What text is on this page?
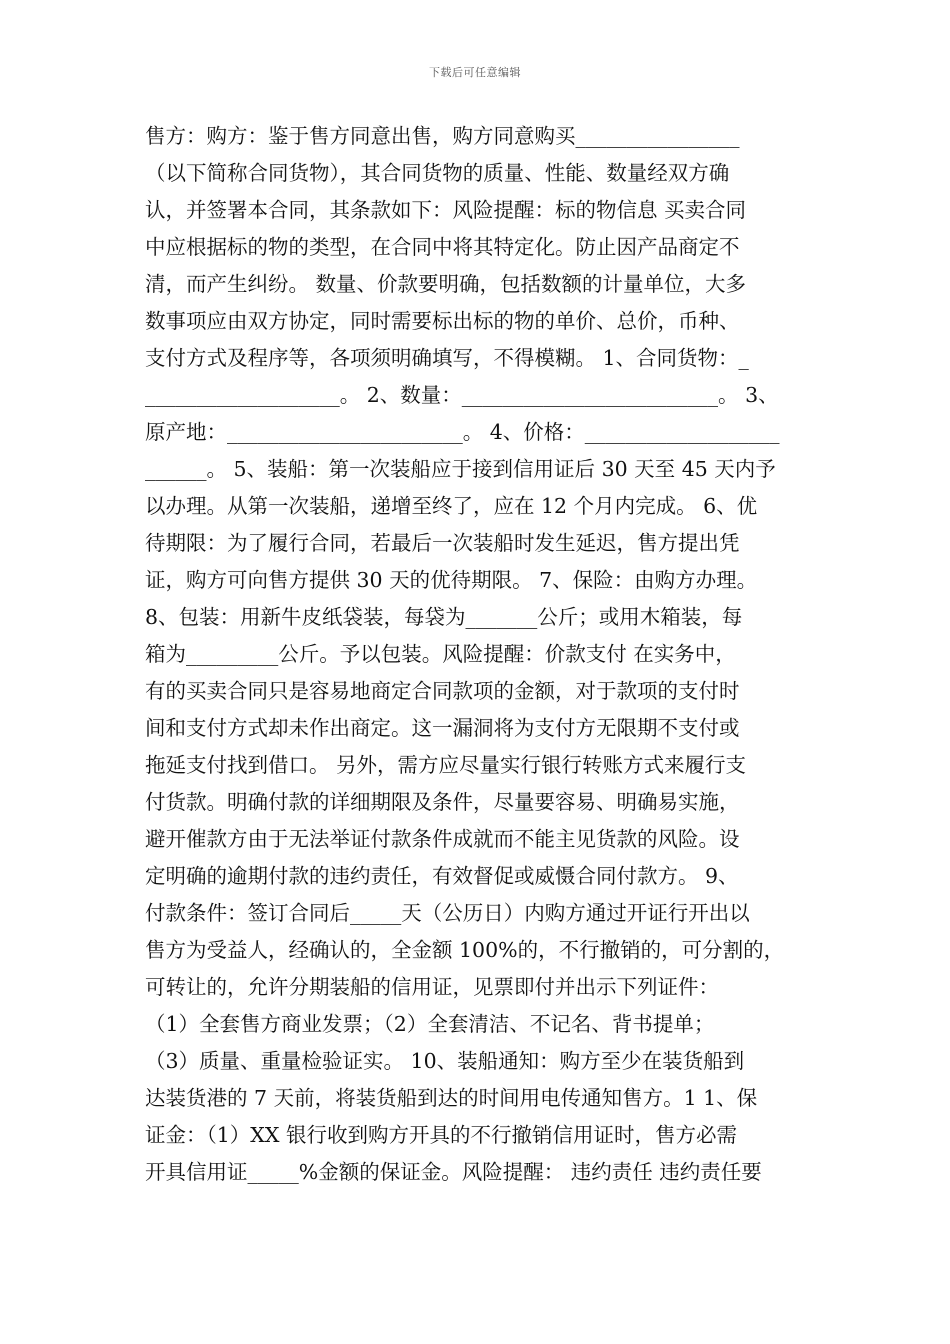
下载后可任意编辑
售方：购方：鉴于售方同意出售，购方同意购买________________
（以下简称合同货物），其合同货物的质量、性能、数量经双方确
认，并签署本合同，其条款如下：风险提醒：标的物信息 买卖合同
中应根据标的物的类型，在合同中将其特定化。防止因产品商定不
清，而产生纠纷。 数量、价款要明确，包括数额的计量单位，大多
数事项应由双方协定，同时需要标出标的物的单价、总价，币种、
支付方式及程序等，各项须明确填写，不得模糊。 1、合同货物：_
___________________。 2、数量：_________________________。 3、
原产地：_______________________。 4、价格：___________________
______。 5、装船：第一次装船应于接到信用证后 30 天至 45 天内予
以办理。从第一次装船，递增至终了，应在 12 个月内完成。 6、优
待期限：为了履行合同，若最后一次装船时发生延迟，售方提出凭
证，购方可向售方提供 30 天的优待期限。 7、保险：由购方办理。
8、包装：用新牛皮纸袋装，每袋为_______公斤；或用木箱装，每
箱为_________公斤。予以包装。风险提醒：价款支付 在实务中，
有的买卖合同只是容易地商定合同款项的金额，对于款项的支付时
间和支付方式却未作出商定。这一漏洞将为支付方无限期不支付或
拖延支付找到借口。 另外，需方应尽量实行银行转账方式来履行支
付货款。明确付款的详细期限及条件，尽量要容易、明确易实施，
避开催款方由于无法举证付款条件成就而不能主见货款的风险。设
定明确的逾期付款的违约责任，有效督促或威慑合同付款方。 9、
付款条件：签订合同后_____天（公历日）内购方通过开证行开出以
售方为受益人，经确认的，全金额 100%的，不行撤销的，可分割的，
可转让的，允许分期装船的信用证，见票即付并出示下列证件：
（1）全套售方商业发票；（2）全套清洁、不记名、背书提单；
（3）质量、重量检验证实。 10、装船通知：购方至少在装货船到
达装货港的 7 天前，将装货船到达的时间用电传通知售方。1 1、保
证金：（1）XX 银行收到购方开具的不行撤销信用证时，售方必需
开具信用证_____%金额的保证金。风险提醒： 违约责任 违约责任要
